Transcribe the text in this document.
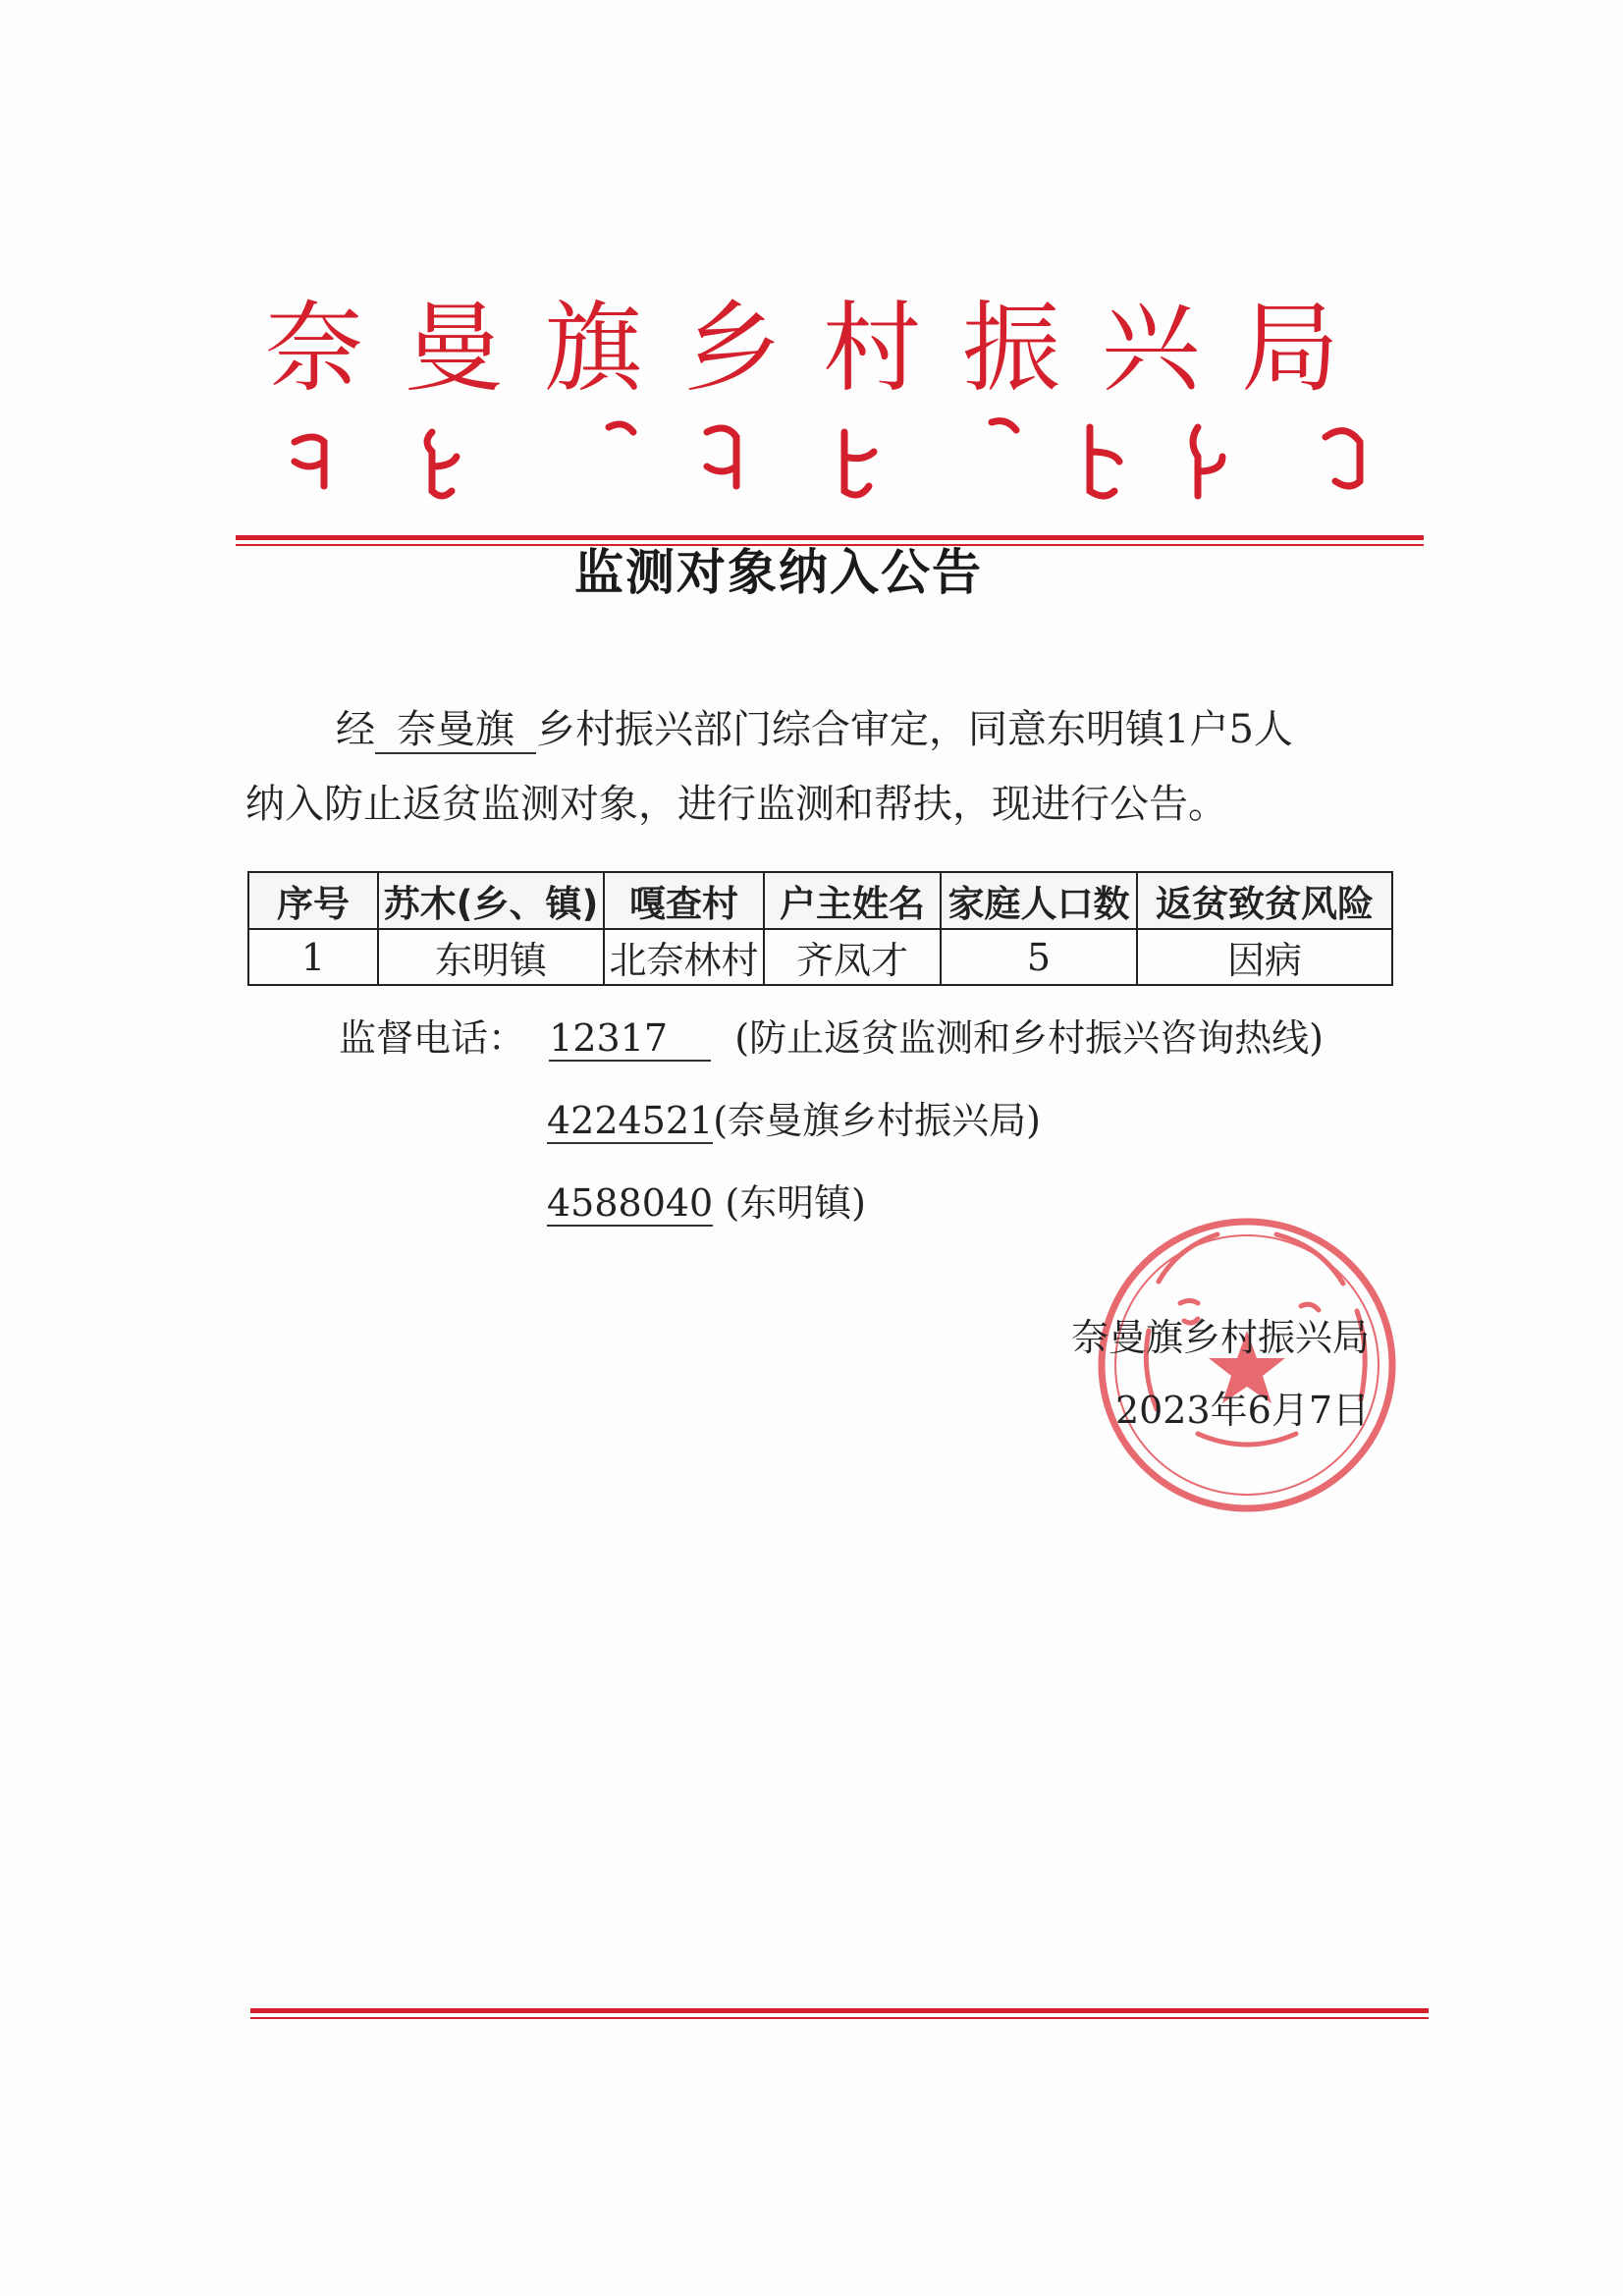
奈曼旗乡村振兴局
监测对象纳入公告
经 奈曼旗 乡村振兴部门综合审定，同意东明镇1户5人
纳入防止返贫监测对象，进行监测和帮扶，现进行公告。
序号	苏木(乡、镇)	嘎查村	户主姓名	家庭人口数	返贫致贫风险
1	东明镇	北奈林村	齐凤才	5	因病
监督电话： 12317 (防止返贫监测和乡村振兴咨询热线)
4224521(奈曼旗乡村振兴局)
4588040 (东明镇)
奈曼旗乡村振兴局
2023年6月7日
